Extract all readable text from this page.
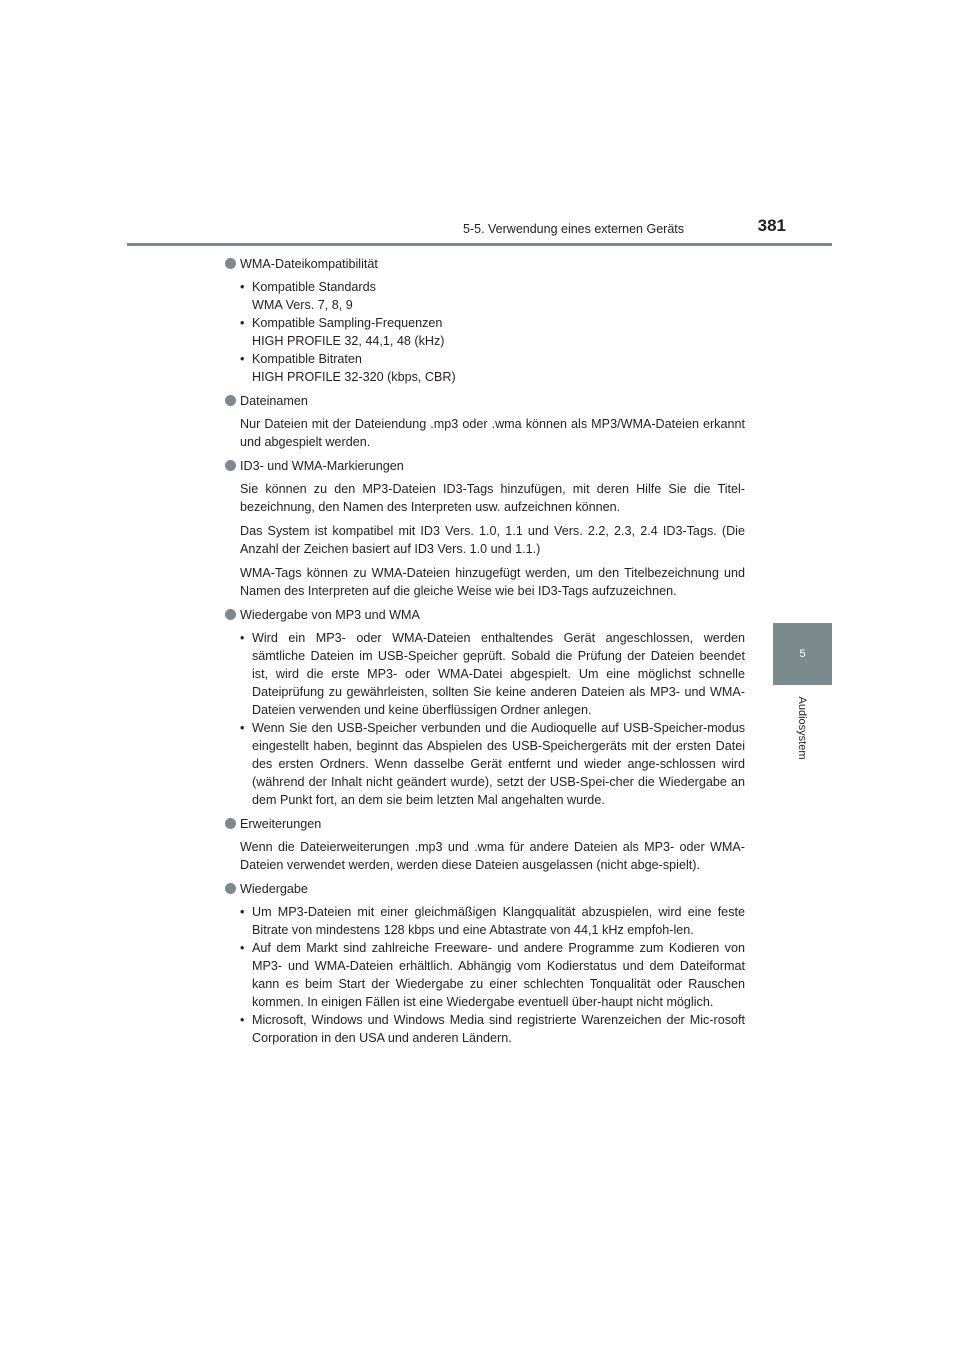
5-5. Verwendung eines externen Geräts	381
5
Audiosystem
WMA-Dateikompatibilität
• Kompatible Standards
WMA Vers. 7, 8, 9
• Kompatible Sampling-Frequenzen
HIGH PROFILE 32, 44,1, 48 (kHz)
• Kompatible Bitraten
HIGH PROFILE 32-320 (kbps, CBR)
Dateinamen
Nur Dateien mit der Dateiendung .mp3 oder .wma können als MP3/WMA-Dateien erkannt und abgespielt werden.
ID3- und WMA-Markierungen
Sie können zu den MP3-Dateien ID3-Tags hinzufügen, mit deren Hilfe Sie die Titel-bezeichnung, den Namen des Interpreten usw. aufzeichnen können.
Das System ist kompatibel mit ID3 Vers. 1.0, 1.1 und Vers. 2.2, 2.3, 2.4 ID3-Tags. (Die Anzahl der Zeichen basiert auf ID3 Vers. 1.0 und 1.1.)
WMA-Tags können zu WMA-Dateien hinzugefügt werden, um den Titelbezeichnung und Namen des Interpreten auf die gleiche Weise wie bei ID3-Tags aufzuzeichnen.
Wiedergabe von MP3 und WMA
• Wird ein MP3- oder WMA-Dateien enthaltendes Gerät angeschlossen, werden sämtliche Dateien im USB-Speicher geprüft. Sobald die Prüfung der Dateien beendet ist, wird die erste MP3- oder WMA-Datei abgespielt. Um eine möglichst schnelle Dateiprüfung zu gewährleisten, sollten Sie keine anderen Dateien als MP3- und WMA-Dateien verwenden und keine überflüssigen Ordner anlegen.
• Wenn Sie den USB-Speicher verbunden und die Audioquelle auf USB-Speicher-modus eingestellt haben, beginnt das Abspielen des USB-Speichergeräts mit der ersten Datei des ersten Ordners. Wenn dasselbe Gerät entfernt und wieder ange-schlossen wird (während der Inhalt nicht geändert wurde), setzt der USB-Spei-cher die Wiedergabe an dem Punkt fort, an dem sie beim letzten Mal angehalten wurde.
Erweiterungen
Wenn die Dateierweiterungen .mp3 und .wma für andere Dateien als MP3- oder WMA-Dateien verwendet werden, werden diese Dateien ausgelassen (nicht abge-spielt).
Wiedergabe
• Um MP3-Dateien mit einer gleichmäßigen Klangqualität abzuspielen, wird eine feste Bitrate von mindestens 128 kbps und eine Abtastrate von 44,1 kHz empfoh-len.
• Auf dem Markt sind zahlreiche Freeware- und andere Programme zum Kodieren von MP3- und WMA-Dateien erhältlich. Abhängig vom Kodierstatus und dem Dateiformat kann es beim Start der Wiedergabe zu einer schlechten Tonqualität oder Rauschen kommen. In einigen Fällen ist eine Wiedergabe eventuell über-haupt nicht möglich.
• Microsoft, Windows und Windows Media sind registrierte Warenzeichen der Mic-rosoft Corporation in den USA und anderen Ländern.
